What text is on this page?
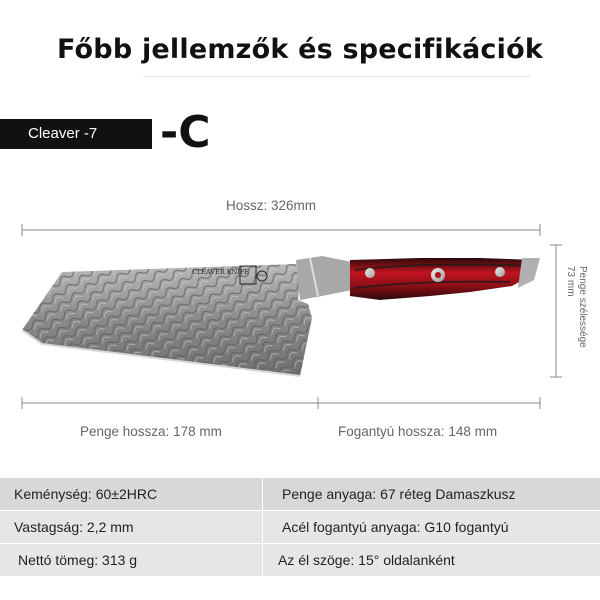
Főbb jellemzők és specifikációk
Cleaver -7	-C
Hossz: 326mm
Penge hossza: 178 mm	Fogantyú hossza: 148 mm
Penge szélessége
73 mm
CLEAVER KNIFE
Keménység: 60±2HRC	Penge anyaga: 67 réteg Damaszkusz
Vastagság: 2,2 mm	Acél fogantyú anyaga: G10 fogantyú
Nettó tömeg: 313 g	Az él szöge: 15° oldalanként
